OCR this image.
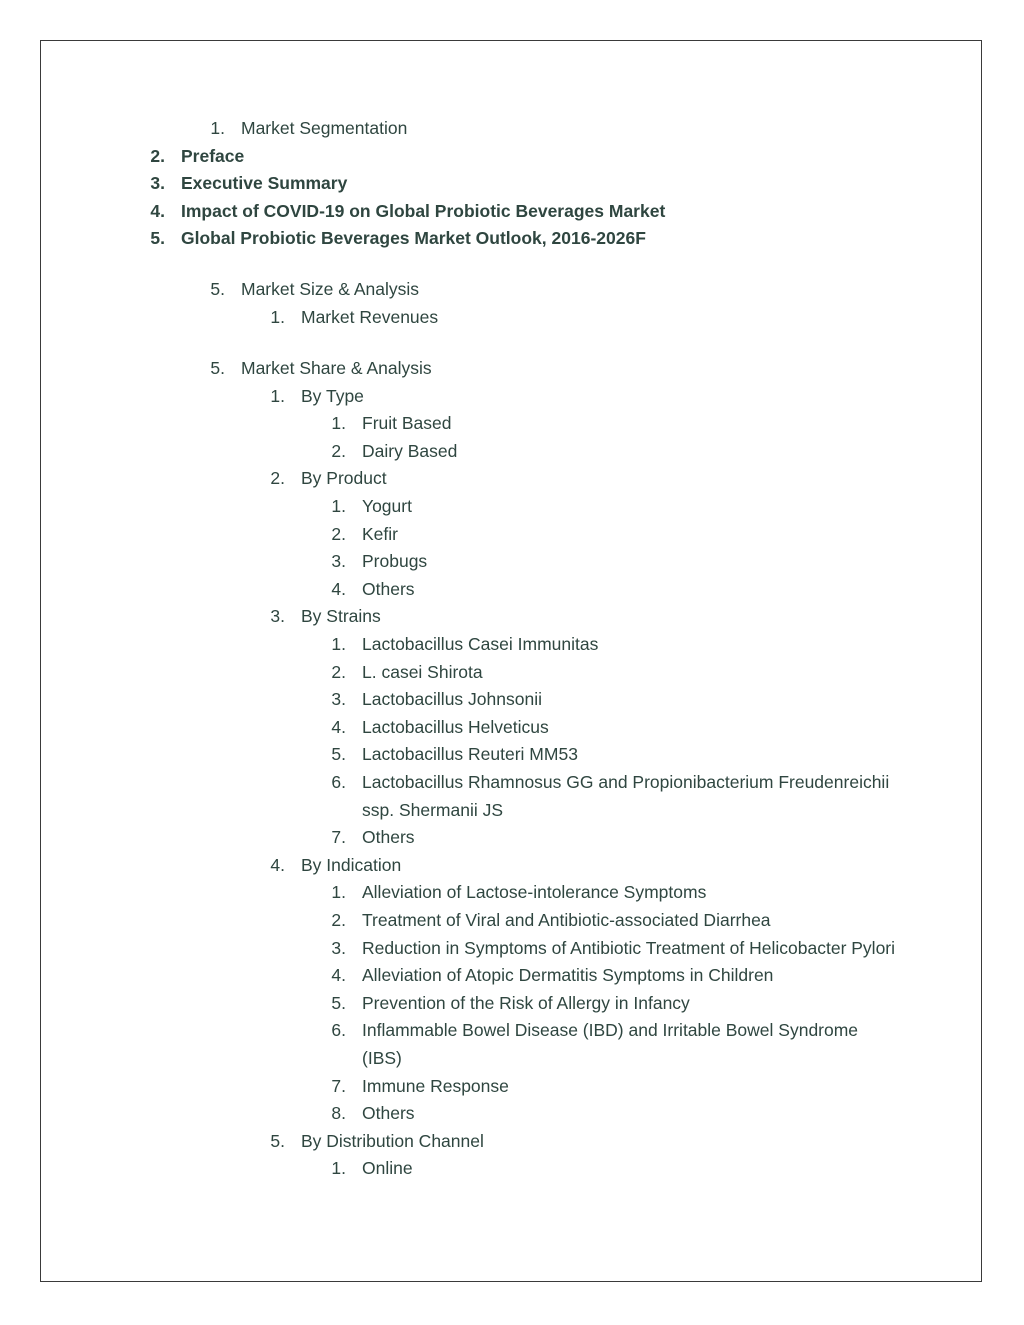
1. Market Segmentation
2. Preface
3. Executive Summary
4. Impact of COVID-19 on Global Probiotic Beverages Market
5. Global Probiotic Beverages Market Outlook, 2016-2026F
5. Market Size & Analysis
1. Market Revenues
5. Market Share & Analysis
1. By Type
1. Fruit Based
2. Dairy Based
2. By Product
1. Yogurt
2. Kefir
3. Probugs
4. Others
3. By Strains
1. Lactobacillus Casei Immunitas
2. L. casei Shirota
3. Lactobacillus Johnsonii
4. Lactobacillus Helveticus
5. Lactobacillus Reuteri MM53
6. Lactobacillus Rhamnosus GG and Propionibacterium Freudenreichii
ssp. Shermanii JS
7. Others
4. By Indication
1. Alleviation of Lactose-intolerance Symptoms
2. Treatment of Viral and Antibiotic-associated Diarrhea
3. Reduction in Symptoms of Antibiotic Treatment of Helicobacter Pylori
4. Alleviation of Atopic Dermatitis Symptoms in Children
5. Prevention of the Risk of Allergy in Infancy
6. Inflammable Bowel Disease (IBD) and Irritable Bowel Syndrome
(IBS)
7. Immune Response
8. Others
5. By Distribution Channel
1. Online
